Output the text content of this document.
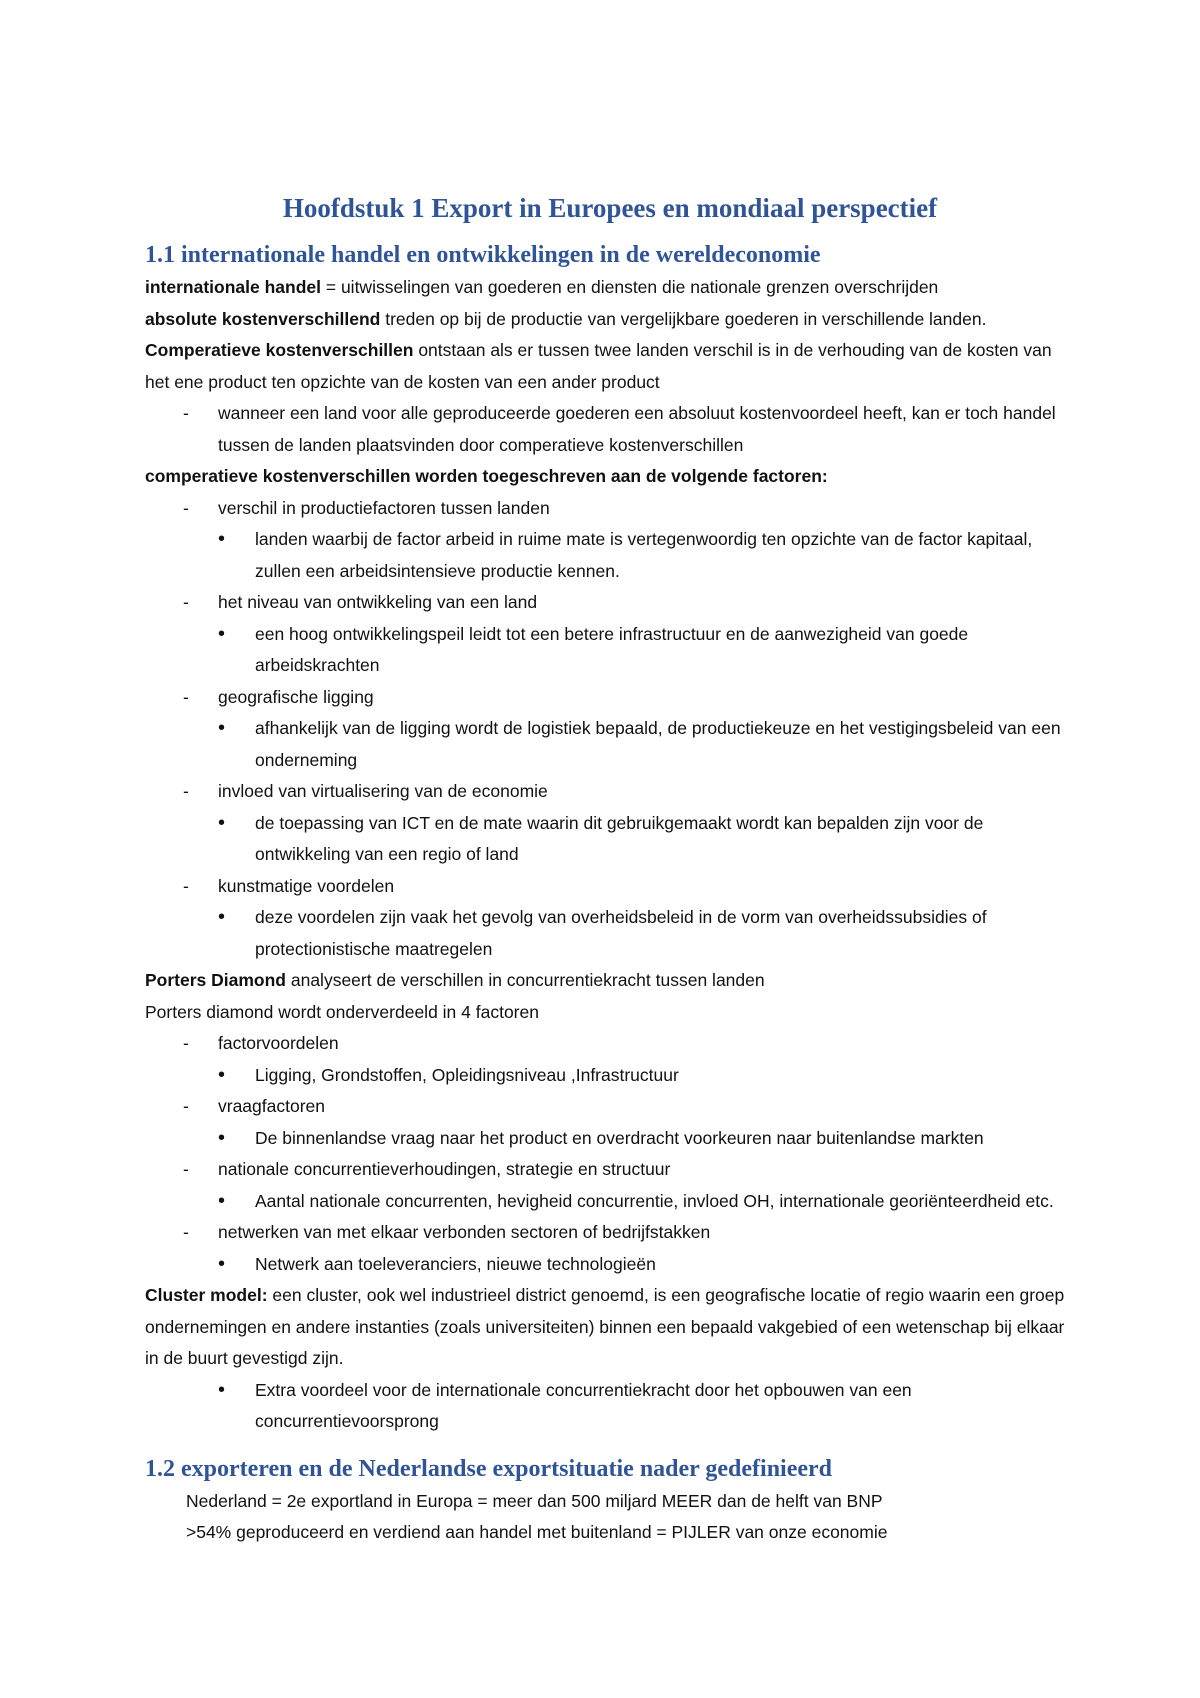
Hoofdstuk 1 Export in Europees en mondiaal perspectief
1.1 internationale handel en ontwikkelingen in de wereldeconomie

internationale handel = uitwisselingen van goederen en diensten die nationale grenzen overschrijden

absolute kostenverschillend treden op bij de productie van vergelijkbare goederen in verschillende landen.

Comperatieve kostenverschillen ontstaan als er tussen twee landen verschil is in de verhouding van de kosten van het ene product ten opzichte van de kosten van een ander product

- wanneer een land voor alle geproduceerde goederen een absoluut kostenvoordeel heeft, kan er toch handel tussen de landen plaatsvinden door comperatieve kostenverschillen

comperatieve kostenverschillen worden toegeschreven aan de volgende factoren:

- verschil in productiefactoren tussen landen
• landen waarbij de factor arbeid in ruime mate is vertegenwoordig ten opzichte van de factor kapitaal, zullen een arbeidsintensieve productie kennen.
- het niveau van ontwikkeling van een land
• een hoog ontwikkelingspeil leidt tot een betere infrastructuur en de aanwezigheid van goede arbeidskrachten
- geografische ligging
• afhankelijk van de ligging wordt de logistiek bepaald, de productiekeuze en het vestigingsbeleid van een onderneming
- invloed van virtualisering van de economie
• de toepassing van ICT en de mate waarin dit gebruikgemaakt wordt kan bepalden zijn voor de ontwikkeling van een regio of land
- kunstmatige voordelen
• deze voordelen zijn vaak het gevolg van overheidsbeleid in de vorm van overheidssubsidies of protectionistische maatregelen

Porters Diamond analyseert de verschillen in concurrentiekracht tussen landen

Porters diamond wordt onderverdeeld in 4 factoren

- factorvoordelen
• Ligging, Grondstoffen, Opleidingsniveau ,Infrastructuur
- vraagfactoren
• De binnenlandse vraag naar het product en overdracht voorkeuren naar buitenlandse markten
- nationale concurrentieverhoudingen, strategie en structuur
• Aantal nationale concurrenten, hevigheid concurrentie, invloed OH, internationale georiënteerdheid etc.
- netwerken van met elkaar verbonden sectoren of bedrijfstakken
• Netwerk aan toeleveranciers, nieuwe technologieën

Cluster model: een cluster, ook wel industrieel district genoemd, is een geografische locatie of regio waarin een groep ondernemingen en andere instanties (zoals universiteiten) binnen een bepaald vakgebied of een wetenschap bij elkaar in de buurt gevestigd zijn.

• Extra voordeel voor de internationale concurrentiekracht door het opbouwen van een concurrentievoorsprong
1.2 exporteren en de Nederlandse exportsituatie nader gedefinieerd
Nederland = 2e exportland in Europa = meer dan 500 miljard MEER dan de helft van BNP
>54% geproduceerd en verdiend aan handel met buitenland = PIJLER van onze economie
